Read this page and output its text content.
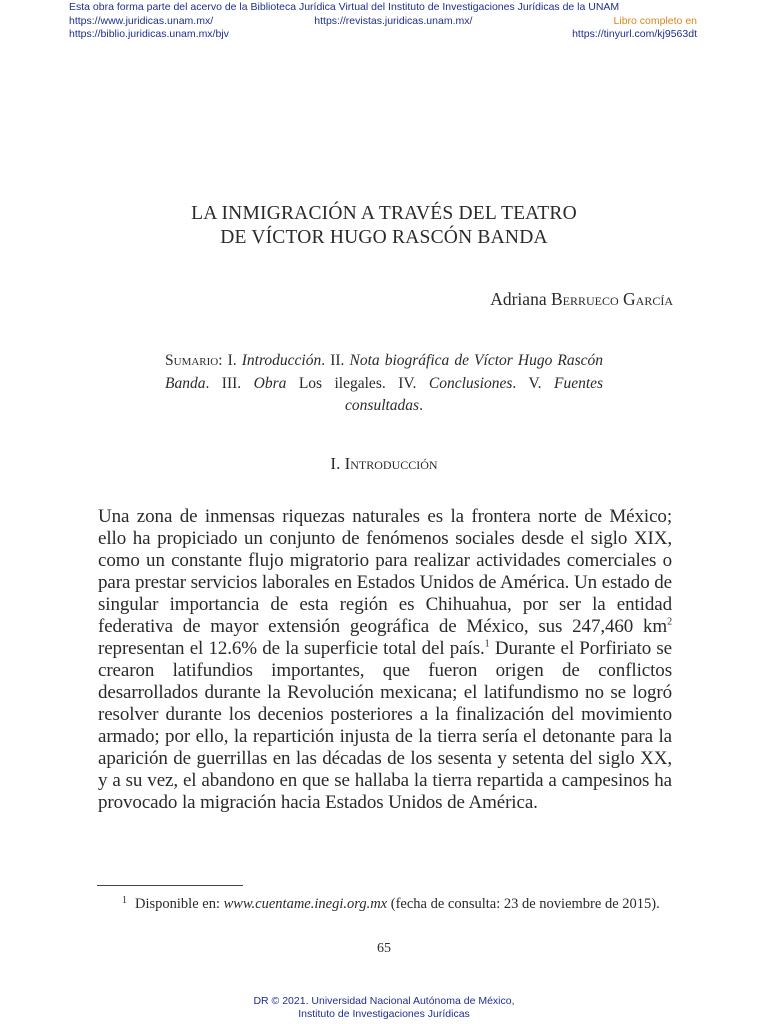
Esta obra forma parte del acervo de la Biblioteca Jurídica Virtual del Instituto de Investigaciones Jurídicas de la UNAM
https://www.juridicas.unam.mx/	https://revistas.juridicas.unam.mx/	Libro completo en
https://biblio.juridicas.unam.mx/bjv	https://tinyurl.com/kj9563dt
LA INMIGRACIÓN A TRAVÉS DEL TEATRO
DE VÍCTOR HUGO RASCÓN BANDA
Adriana Berrueco García
Sumario: I. Introducción. II. Nota biográfica de Víctor Hugo Rascón Banda. III. Obra Los ilegales. IV. Conclusiones. V. Fuentes consultadas.
I. Introducción
Una zona de inmensas riquezas naturales es la frontera norte de México; ello ha propiciado un conjunto de fenómenos sociales desde el siglo XIX, como un constante flujo migratorio para realizar actividades comerciales o para prestar servicios laborales en Estados Unidos de América. Un estado de singular importancia de esta región es Chihuahua, por ser la entidad federativa de mayor extensión geográfica de México, sus 247,460 $km^2$ representan el 12.6% de la superficie total del país.$^1$ Durante el Porfiriato se crearon latifundios importantes, que fueron origen de conflictos desarrollados durante la Revolución mexicana; el latifundismo no se logró resolver durante los decenios posteriores a la finalización del movimiento armado; por ello, la repartición injusta de la tierra sería el detonante para la aparición de guerrillas en las décadas de los sesenta y setenta del siglo XX, y a su vez, el abandono en que se hallaba la tierra repartida a campesinos ha provocado la migración hacia Estados Unidos de América.
$^1$ Disponible en: www.cuentame.inegi.org.mx (fecha de consulta: 23 de noviembre de 2015).
65
DR © 2021. Universidad Nacional Autónoma de México,
Instituto de Investigaciones Jurídicas
